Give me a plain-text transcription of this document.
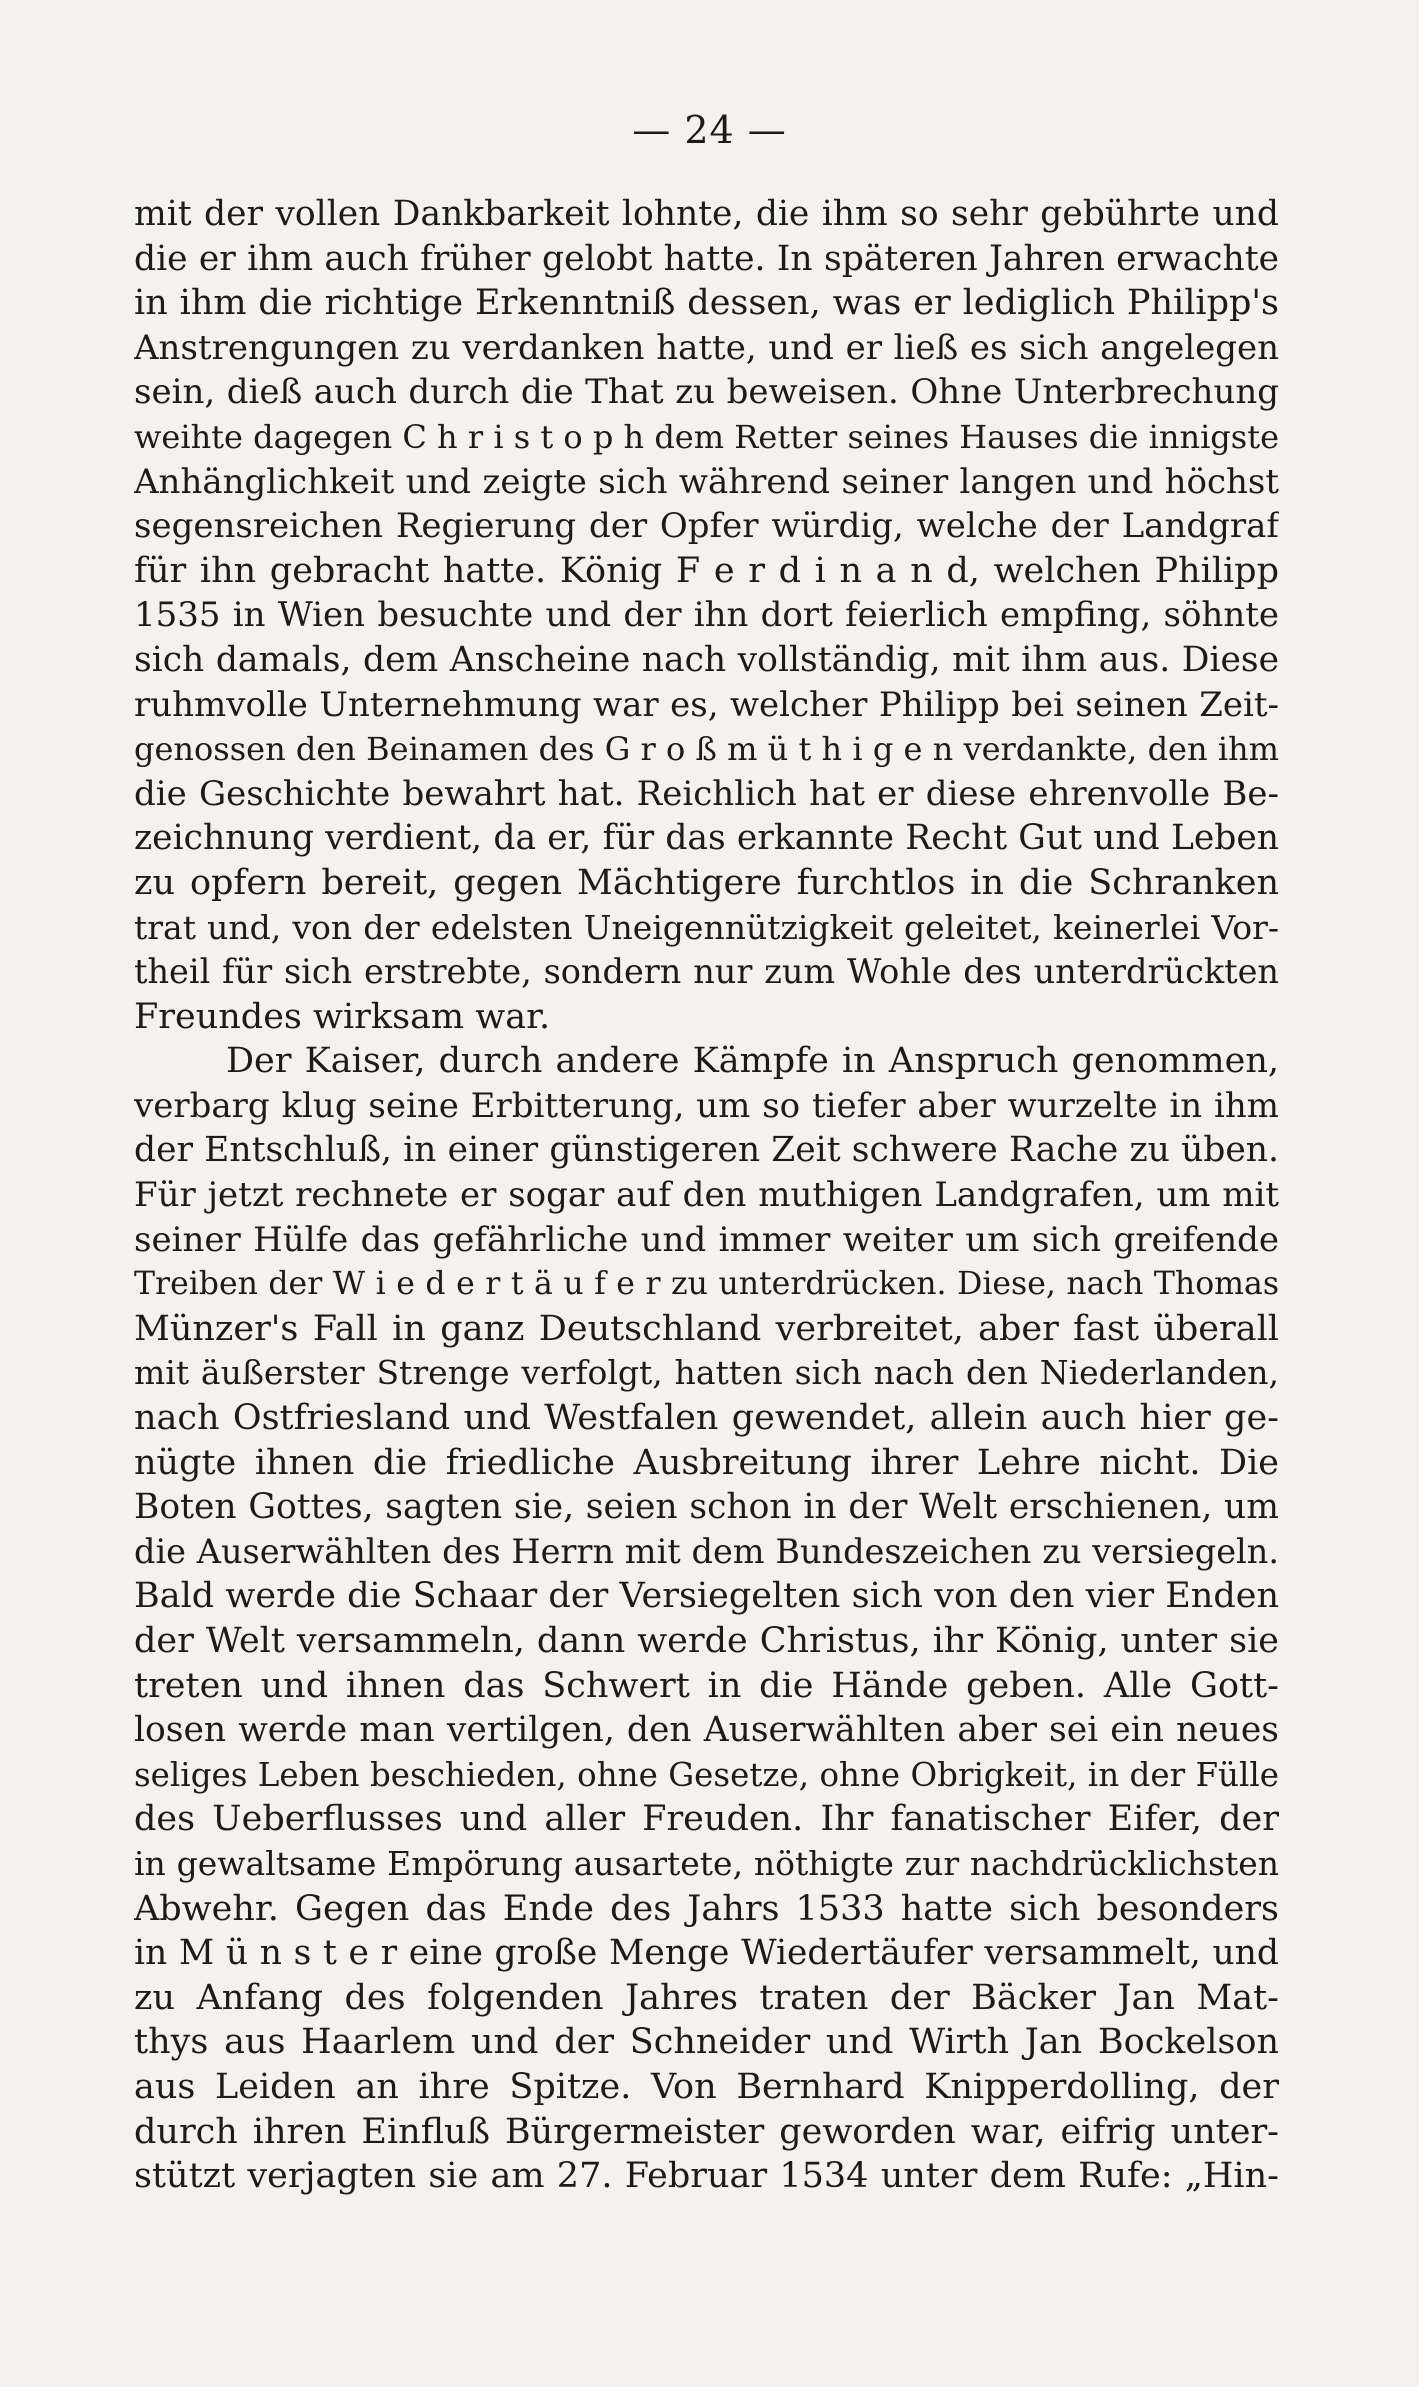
— 24 —
mit der vollen Dankbarkeit lohnte, die ihm so sehr gebührte und
die er ihm auch früher gelobt hatte. In späteren Jahren erwachte
in ihm die richtige Erkenntniß dessen, was er lediglich Philipp's
Anstrengungen zu verdanken hatte, und er ließ es sich angelegen
sein, dieß auch durch die That zu beweisen. Ohne Unterbrechung
weihte dagegen C h r i s t o p h dem Retter seines Hauses die innigste
Anhänglichkeit und zeigte sich während seiner langen und höchst
segensreichen Regierung der Opfer würdig, welche der Landgraf
für ihn gebracht hatte. König F e r d i n a n d, welchen Philipp
1535 in Wien besuchte und der ihn dort feierlich empfing, söhnte
sich damals, dem Anscheine nach vollständig, mit ihm aus. Diese
ruhmvolle Unternehmung war es, welcher Philipp bei seinen Zeit-
genossen den Beinamen des G r o ß m ü t h i g e n verdankte, den ihm
die Geschichte bewahrt hat. Reichlich hat er diese ehrenvolle Be-
zeichnung verdient, da er, für das erkannte Recht Gut und Leben
zu opfern bereit, gegen Mächtigere furchtlos in die Schranken
trat und, von der edelsten Uneigennützigkeit geleitet, keinerlei Vor-
theil für sich erstrebte, sondern nur zum Wohle des unterdrückten
Freundes wirksam war.
Der Kaiser, durch andere Kämpfe in Anspruch genommen,
verbarg klug seine Erbitterung, um so tiefer aber wurzelte in ihm
der Entschluß, in einer günstigeren Zeit schwere Rache zu üben.
Für jetzt rechnete er sogar auf den muthigen Landgrafen, um mit
seiner Hülfe das gefährliche und immer weiter um sich greifende
Treiben der W i e d e r t ä u f e r zu unterdrücken. Diese, nach Thomas
Münzer's Fall in ganz Deutschland verbreitet, aber fast überall
mit äußerster Strenge verfolgt, hatten sich nach den Niederlanden,
nach Ostfriesland und Westfalen gewendet, allein auch hier ge-
nügte ihnen die friedliche Ausbreitung ihrer Lehre nicht. Die
Boten Gottes, sagten sie, seien schon in der Welt erschienen, um
die Auserwählten des Herrn mit dem Bundeszeichen zu versiegeln.
Bald werde die Schaar der Versiegelten sich von den vier Enden
der Welt versammeln, dann werde Christus, ihr König, unter sie
treten und ihnen das Schwert in die Hände geben. Alle Gott-
losen werde man vertilgen, den Auserwählten aber sei ein neues
seliges Leben beschieden, ohne Gesetze, ohne Obrigkeit, in der Fülle
des Ueberflusses und aller Freuden. Ihr fanatischer Eifer, der
in gewaltsame Empörung ausartete, nöthigte zur nachdrücklichsten
Abwehr. Gegen das Ende des Jahrs 1533 hatte sich besonders
in M ü n s t e r eine große Menge Wiedertäufer versammelt, und
zu Anfang des folgenden Jahres traten der Bäcker Jan Mat-
thys aus Haarlem und der Schneider und Wirth Jan Bockelson
aus Leiden an ihre Spitze. Von Bernhard Knipperdolling, der
durch ihren Einfluß Bürgermeister geworden war, eifrig unter-
stützt verjagten sie am 27. Februar 1534 unter dem Rufe: „Hin-
